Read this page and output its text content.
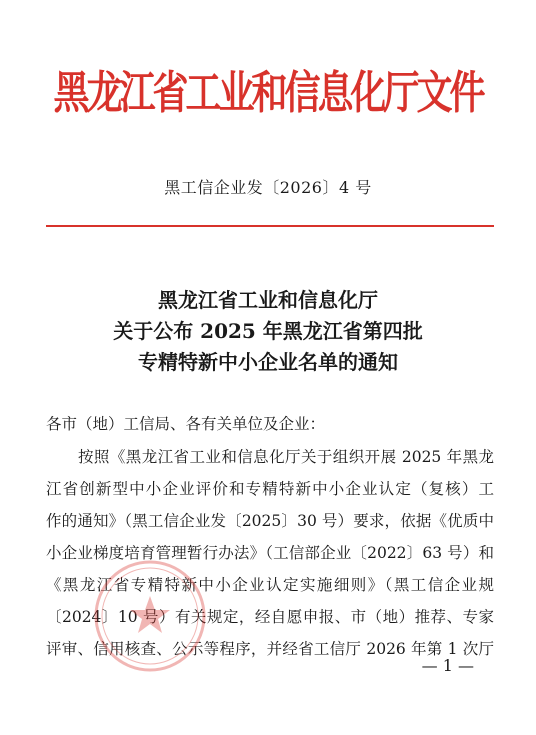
黑龙江省工业和信息化厅文件
黑工信企业发〔2026〕4 号
黑龙江省工业和信息化厅
关于公布 2025 年黑龙江省第四批
专精特新中小企业名单的通知
各市（地）工信局、各有关单位及企业：
按照《黑龙江省工业和信息化厅关于组织开展 2025 年黑龙
江省创新型中小企业评价和专精特新中小企业认定（复核）工
作的通知》（黑工信企业发〔2025〕30 号）要求，依据《优质中
小企业梯度培育管理暂行办法》（工信部企业〔2022〕63 号）和
《黑龙江省专精特新中小企业认定实施细则》（黑工信企业规
〔2024〕10 号）有关规定，经自愿申报、市（地）推荐、专家
评审、信用核查、公示等程序，并经省工信厅 2026 年第 1 次厅
— 1 —
